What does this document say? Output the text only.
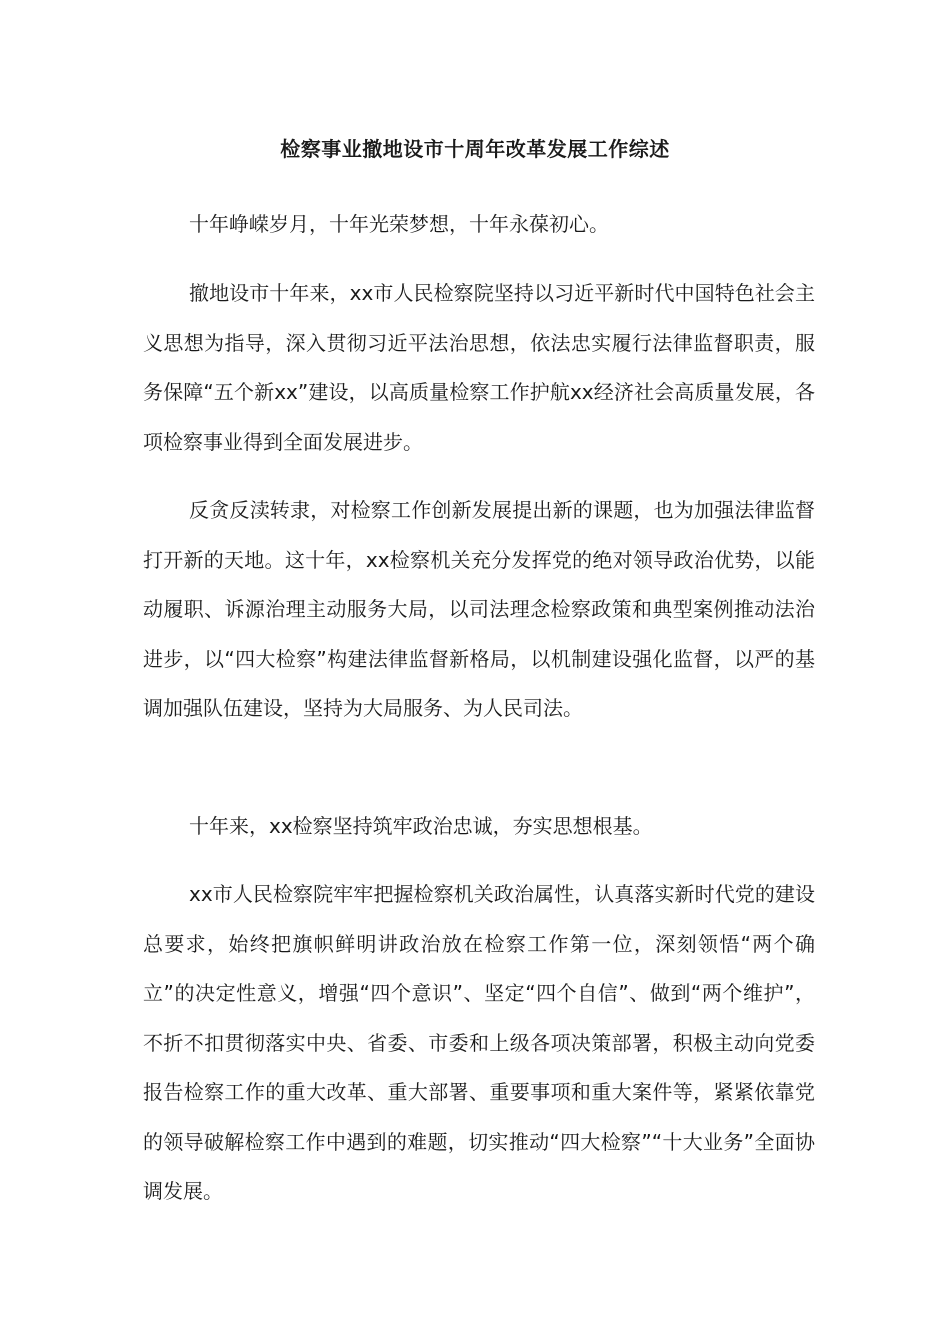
检察事业撤地设市十周年改革发展工作综述

十年峥嵘岁月，十年光荣梦想，十年永葆初心。

撤地设市十年来，xx市人民检察院坚持以习近平新时代中国特色社会主义思想为指导，深入贯彻习近平法治思想，依法忠实履行法律监督职责，服务保障“五个新xx”建设，以高质量检察工作护航xx经济社会高质量发展，各项检察事业得到全面发展进步。

反贪反渎转隶，对检察工作创新发展提出新的课题，也为加强法律监督打开新的天地。这十年，xx检察机关充分发挥党的绝对领导政治优势，以能动履职、诉源治理主动服务大局，以司法理念检察政策和典型案例推动法治进步，以“四大检察”构建法律监督新格局，以机制建设强化监督，以严的基调加强队伍建设，坚持为大局服务、为人民司法。

十年来，xx检察坚持筑牢政治忠诚，夯实思想根基。

xx市人民检察院牢牢把握检察机关政治属性，认真落实新时代党的建设总要求，始终把旗帜鲜明讲政治放在检察工作第一位，深刻领悟“两个确立”的决定性意义，增强“四个意识”、坚定“四个自信”、做到“两个维护”，不折不扣贯彻落实中央、省委、市委和上级各项决策部署，积极主动向党委报告检察工作的重大改革、重大部署、重要事项和重大案件等，紧紧依靠党的领导破解检察工作中遇到的难题，切实推动“四大检察”“十大业务”全面协调发展。
